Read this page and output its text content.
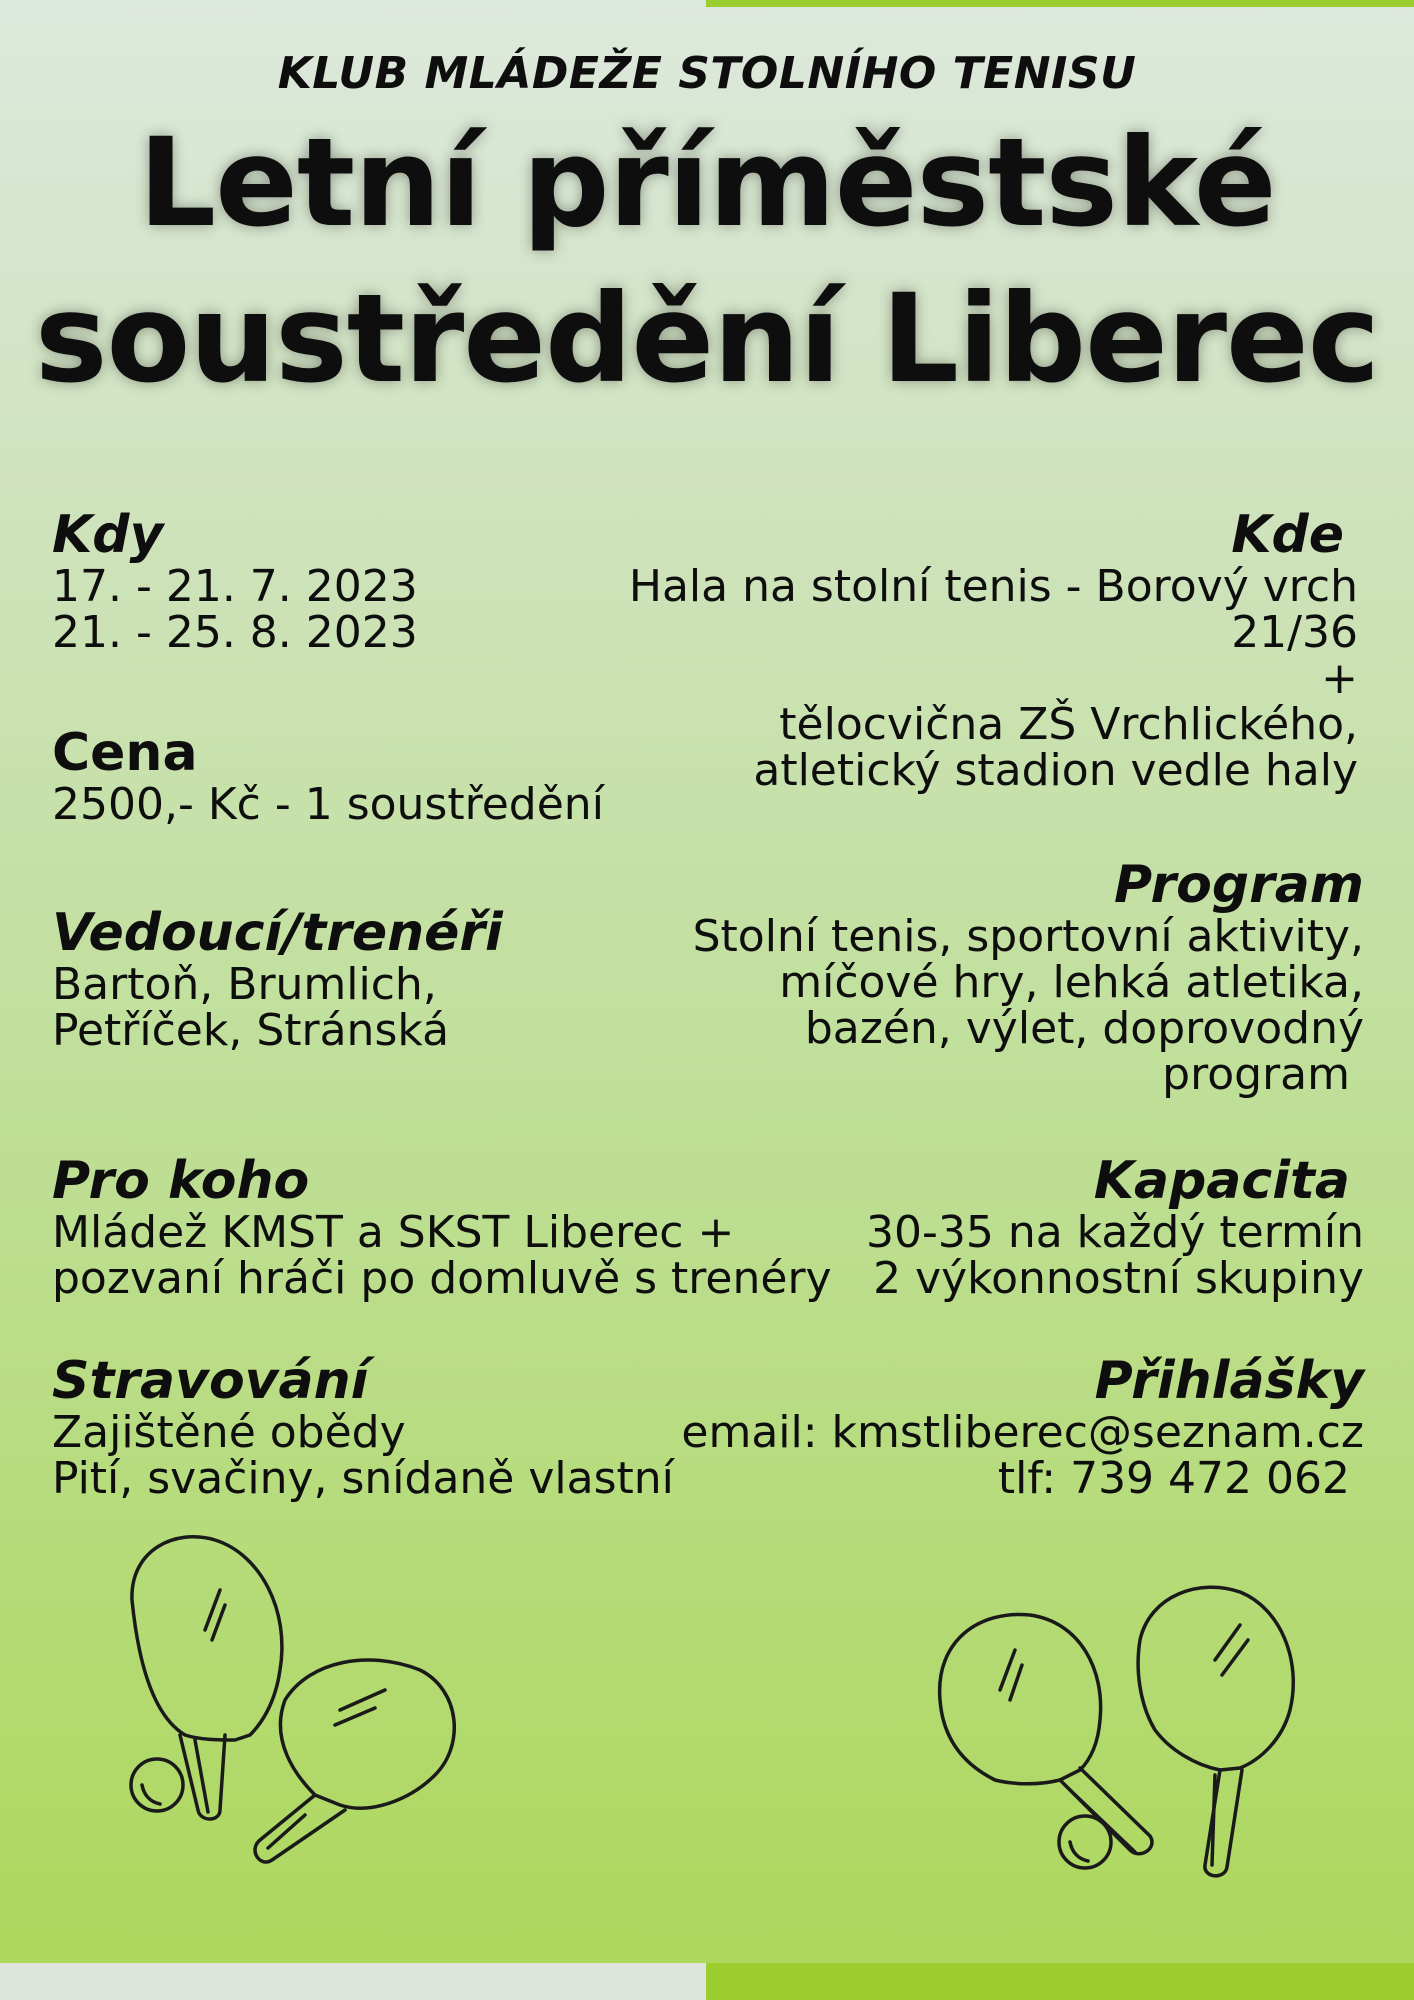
KLUB MLÁDEŽE STOLNÍHO TENISU
Letní příměstské
soustředění Liberec
Kdy
17. - 21. 7. 2023
21. - 25. 8. 2023
Kde
Hala na stolní tenis - Borový vrch
21/36
+
tělocvična ZŠ Vrchlického,
atletický stadion vedle haly
Cena
2500,- Kč - 1 soustředění
Program
Stolní tenis, sportovní aktivity,
míčové hry, lehká atletika,
bazén, výlet, doprovodný
program
Vedoucí/trenéři
Bartoň, Brumlich,
Petříček, Stránská
Pro koho
Mládež KMST a SKST Liberec +
pozvaní hráči po domluvě s trenéry
Kapacita
30-35 na každý termín
2 výkonnostní skupiny
Stravování
Zajištěné obědy
Pití, svačiny, snídaně vlastní
Přihlášky
email: kmstliberec@seznam.cz
tlf: 739 472 062
